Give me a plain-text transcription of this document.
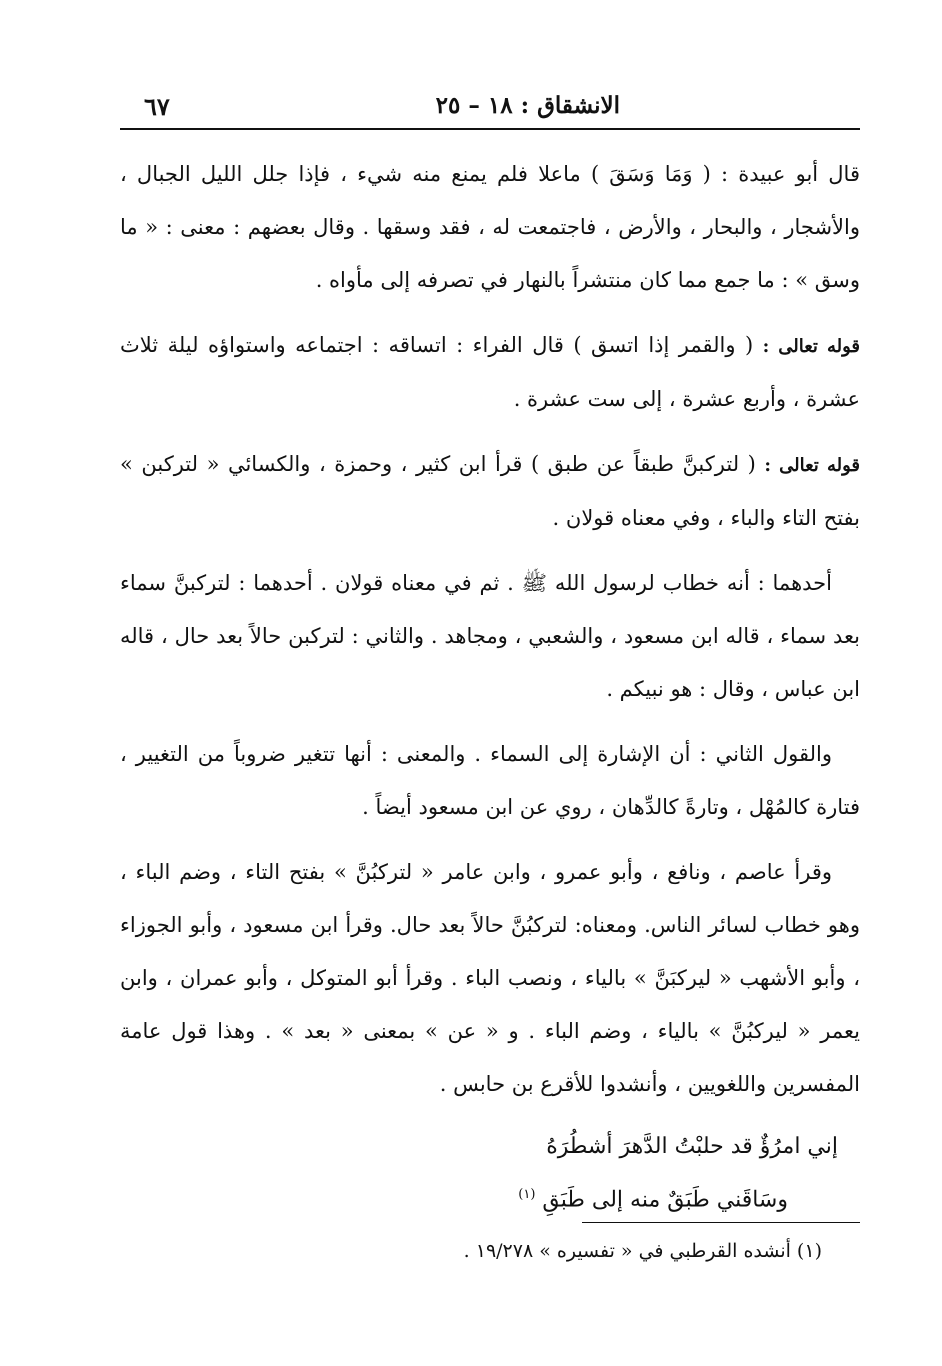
٦٧	الانشقاق : ١٨ – ٢٥

قال أبو عبيدة : ( وَمَا وَسَقَ ) ماعلا فلم يمنع منه شيء ، فإذا جلل الليل الجبال ، والأشجار ، والبحار ، والأرض ، فاجتمعت له ، فقد وسقها . وقال بعضهم : معنى : « ما وسق » : ما جمع مما كان منتشراً بالنهار في تصرفه إلى مأواه .

قوله تعالى : ( والقمر إذا اتسق ) قال الفراء : اتساقه : اجتماعه واستواؤه ليلة ثلاث عشرة ، وأربع عشرة ، إلى ست عشرة .

قوله تعالى : ( لتركبنَّ طبقاً عن طبق ) قرأ ابن كثير ، وحمزة ، والكسائي « لتركبن » بفتح التاء والباء ، وفي معناه قولان .

أحدهما : أنه خطاب لرسول الله ﷺ . ثم في معناه قولان . أحدهما : لتركبنَّ سماء بعد سماء ، قاله ابن مسعود ، والشعبي ، ومجاهد . والثاني : لتركبن حالاً بعد حال ، قاله ابن عباس ، وقال : هو نبيكم .

والقول الثاني : أن الإشارة إلى السماء . والمعنى : أنها تتغير ضروباً من التغيير ، فتارة كالمُهْل ، وتارةً كالدِّهان ، روي عن ابن مسعود أيضاً .

وقرأ عاصم ، ونافع ، وأبو عمرو ، وابن عامر « لتركبُنَّ » بفتح التاء ، وضم الباء ، وهو خطاب لسائر الناس. ومعناه: لتركبُنَّ حالاً بعد حال. وقرأ ابن مسعود ، وأبو الجوزاء ، وأبو الأشهب « ليركبَنَّ » بالياء ، ونصب الباء . وقرأ أبو المتوكل ، وأبو عمران ، وابن يعمر « ليركبُنَّ » بالياء ، وضم الباء . و « عن » بمعنى « بعد » . وهذا قول عامة المفسرين واللغويين ، وأنشدوا للأقرع بن حابس .

إني امرُؤٌ قد حلبْتُ الدَّهرَ أشطُرَهُ

وسَاقَني طَبَقٌ منه إلى طَبَقِ $^{(١)}$

(١) أنشده القرطبي في « تفسيره » ١٩/٢٧٨ .
